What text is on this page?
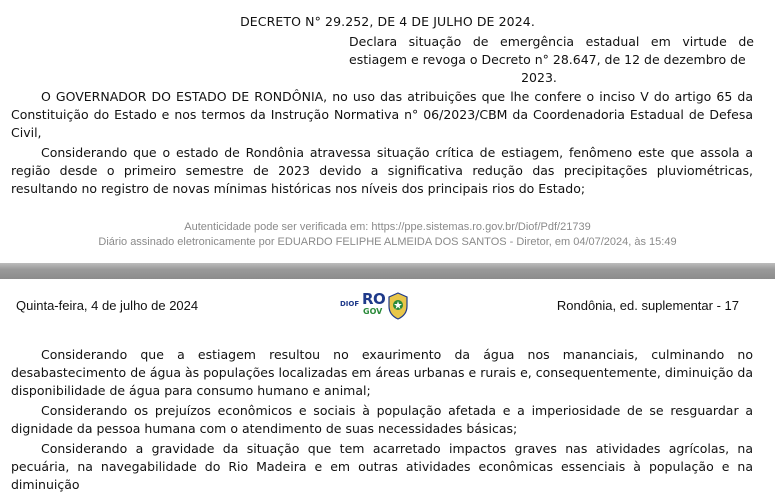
DECRETO N° 29.252, DE 4 DE JULHO DE 2024.
Declara situação de emergência estadual em virtude de estiagem e revoga o Decreto n° 28.647, de 12 de dezembro de
2023.

O GOVERNADOR DO ESTADO DE RONDÔNIA, no uso das atribuições que lhe confere o inciso V do artigo 65 da Constituição do Estado e nos termos da Instrução Normativa n° 06/2023/CBM da Coordenadoria Estadual de Defesa Civil,

Considerando que o estado de Rondônia atravessa situação crítica de estiagem, fenômeno este que assola a região desde o primeiro semestre de 2023 devido a significativa redução das precipitações pluviométricas, resultando no registro de novas mínimas históricas nos níveis dos principais rios do Estado;

Autenticidade pode ser verificada em: https://ppe.sistemas.ro.gov.br/Diof/Pdf/21739
Diário assinado eletronicamente por EDUARDO FELIPHE ALMEIDA DOS SANTOS - Diretor, em 04/07/2024, às 15:49
Quinta-feira, 4 de julho de 2024	DIOF RO
GOV	Rondônia, ed. suplementar - 17

Considerando que a estiagem resultou no exaurimento da água nos mananciais, culminando no desabastecimento de água às populações localizadas em áreas urbanas e rurais e, consequentemente, diminuição da disponibilidade de água para consumo humano e animal;

Considerando os prejuízos econômicos e sociais à população afetada e a imperiosidade de se resguardar a dignidade da pessoa humana com o atendimento de suas necessidades básicas;

Considerando a gravidade da situação que tem acarretado impactos graves nas atividades agrícolas, na pecuária, na navegabilidade do Rio Madeira e em outras atividades econômicas essenciais à população e na diminuição
